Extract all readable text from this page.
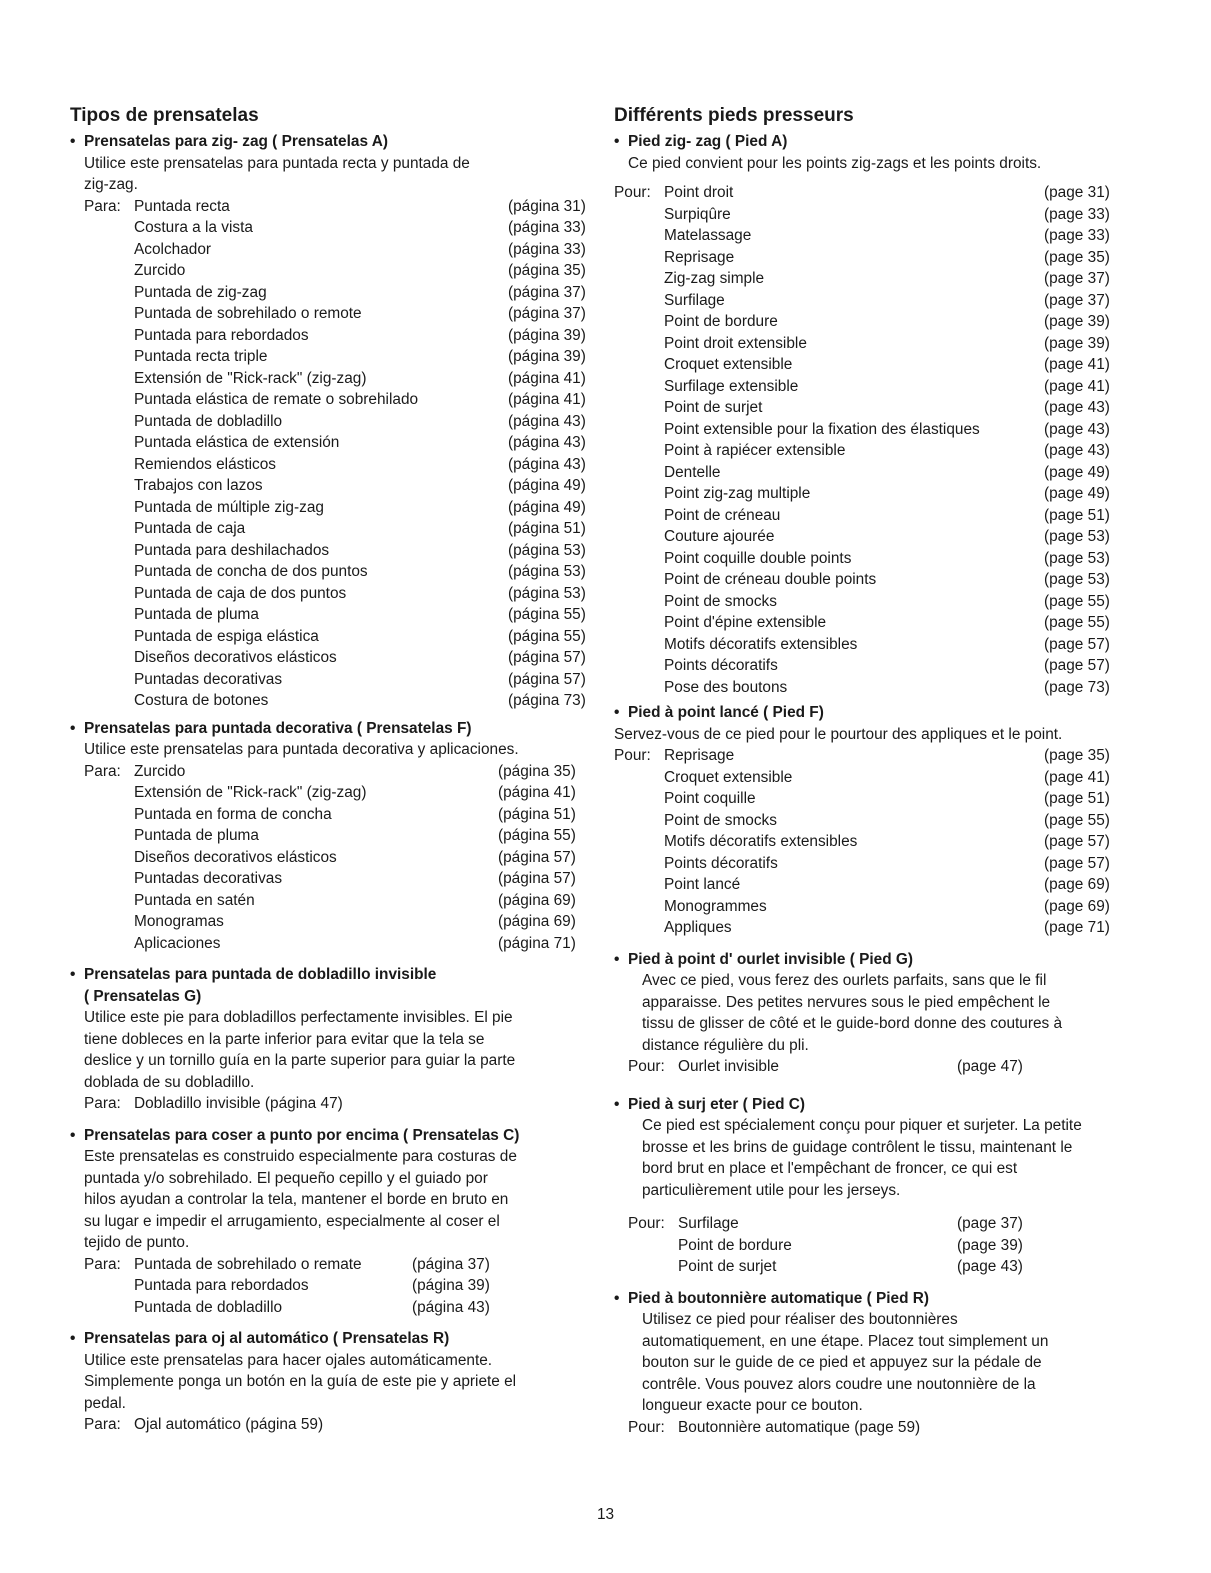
Tipos de prensatelas
• Prensatelas para zig- zag ( Prensatelas A)
Utilice este prensatelas para puntada recta y puntada de
zig-zag.
Para: Puntada recta	(página 31)
Costura a la vista	(página 33)
Acolchador	(página 33)
Zurcido	(página 35)
Puntada de zig-zag	(página 37)
Puntada de sobrehilado o remote	(página 37)
Puntada para rebordados	(página 39)
Puntada recta triple	(página 39)
Extensión de "Rick-rack" (zig-zag)	(página 41)
Puntada elástica de remate o sobrehilado	(página 41)
Puntada de dobladillo	(página 43)
Puntada elástica de extensión	(página 43)
Remiendos elásticos	(página 43)
Trabajos con lazos	(página 49)
Puntada de múltiple zig-zag	(página 49)
Puntada de caja	(página 51)
Puntada para deshilachados	(página 53)
Puntada de concha de dos puntos	(página 53)
Puntada de caja de dos puntos	(página 53)
Puntada de pluma	(página 55)
Puntada de espiga elástica	(página 55)
Diseños decorativos elásticos	(página 57)
Puntadas decorativas	(página 57)
Costura de botones	(página 73)
• Prensatelas para puntada decorativa ( Prensatelas F)
Utilice este prensatelas para puntada decorativa y aplicaciones.
Para: Zurcido	(página 35)
Extensión de "Rick-rack" (zig-zag)	(página 41)
Puntada en forma de concha	(página 51)
Puntada de pluma	(página 55)
Diseños decorativos elásticos	(página 57)
Puntadas decorativas	(página 57)
Puntada en satén	(página 69)
Monogramas	(página 69)
Aplicaciones	(página 71)
• Prensatelas para puntada de dobladillo invisible
( Prensatelas G)
Utilice este pie para dobladillos perfectamente invisibles. El pie
tiene dobleces en la parte inferior para evitar que la tela se
deslice y un tornillo guía en la parte superior para guiar la parte
doblada de su dobladillo.
Para: Dobladillo invisible (página 47)
• Prensatelas para coser a punto por encima ( Prensatelas C)
Este prensatelas es construido especialmente para costuras de
puntada y/o sobrehilado. El pequeño cepillo y el guiado por
hilos ayudan a controlar la tela, mantener el borde en bruto en
su lugar e impedir el arrugamiento, especialmente al coser el
tejido de punto.
Para: Puntada de sobrehilado o remate	(página 37)
Puntada para rebordados	(página 39)
Puntada de dobladillo	(página 43)
• Prensatelas para oj al automático ( Prensatelas R)
Utilice este prensatelas para hacer ojales automáticamente.
Simplemente ponga un botón en la guía de este pie y apriete el
pedal.
Para: Ojal automático (página 59)
Différents pieds presseurs
• Pied zig- zag ( Pied A)
Ce pied convient pour les points zig-zags et les points droits.
Pour: Point droit	(page 31)
Surpiqûre	(page 33)
Matelassage	(page 33)
Reprisage	(page 35)
Zig-zag simple	(page 37)
Surfilage	(page 37)
Point de bordure	(page 39)
Point droit extensible	(page 39)
Croquet extensible	(page 41)
Surfilage extensible	(page 41)
Point de surjet	(page 43)
Point extensible pour la fixation des élastiques	(page 43)
Point à rapiécer extensible	(page 43)
Dentelle	(page 49)
Point zig-zag multiple	(page 49)
Point de créneau	(page 51)
Couture ajourée	(page 53)
Point coquille double points	(page 53)
Point de créneau double points	(page 53)
Point de smocks	(page 55)
Point d'épine extensible	(page 55)
Motifs décoratifs extensibles	(page 57)
Points décoratifs	(page 57)
Pose des boutons	(page 73)
• Pied à point lancé ( Pied F)
Servez-vous de ce pied pour le pourtour des appliques et le point.
Pour: Reprisage	(page 35)
Croquet extensible	(page 41)
Point coquille	(page 51)
Point de smocks	(page 55)
Motifs décoratifs extensibles	(page 57)
Points décoratifs	(page 57)
Point lancé	(page 69)
Monogrammes	(page 69)
Appliques	(page 71)
• Pied à point d' ourlet invisible ( Pied G)
Avec ce pied, vous ferez des ourlets parfaits, sans que le fil
apparaisse. Des petites nervures sous le pied empêchent le
tissu de glisser de côté et le guide-bord donne des coutures à
distance régulière du pli.
Pour: Ourlet invisible	(page 47)
• Pied à surj eter ( Pied C)
Ce pied est spécialement conçu pour piquer et surjeter. La petite
brosse et les brins de guidage contrôlent le tissu, maintenant le
bord brut en place et l'empêchant de froncer, ce qui est
particulièrement utile pour les jerseys.
Pour: Surfilage	(page 37)
Point de bordure	(page 39)
Point de surjet	(page 43)
• Pied à boutonnière automatique ( Pied R)
Utilisez ce pied pour réaliser des boutonnières
automatiquement, en une étape. Placez tout simplement un
bouton sur le guide de ce pied et appuyez sur la pédale de
contrêle. Vous pouvez alors coudre une noutonnière de la
longueur exacte pour ce bouton.
Pour: Boutonnière automatique (page 59)
13
